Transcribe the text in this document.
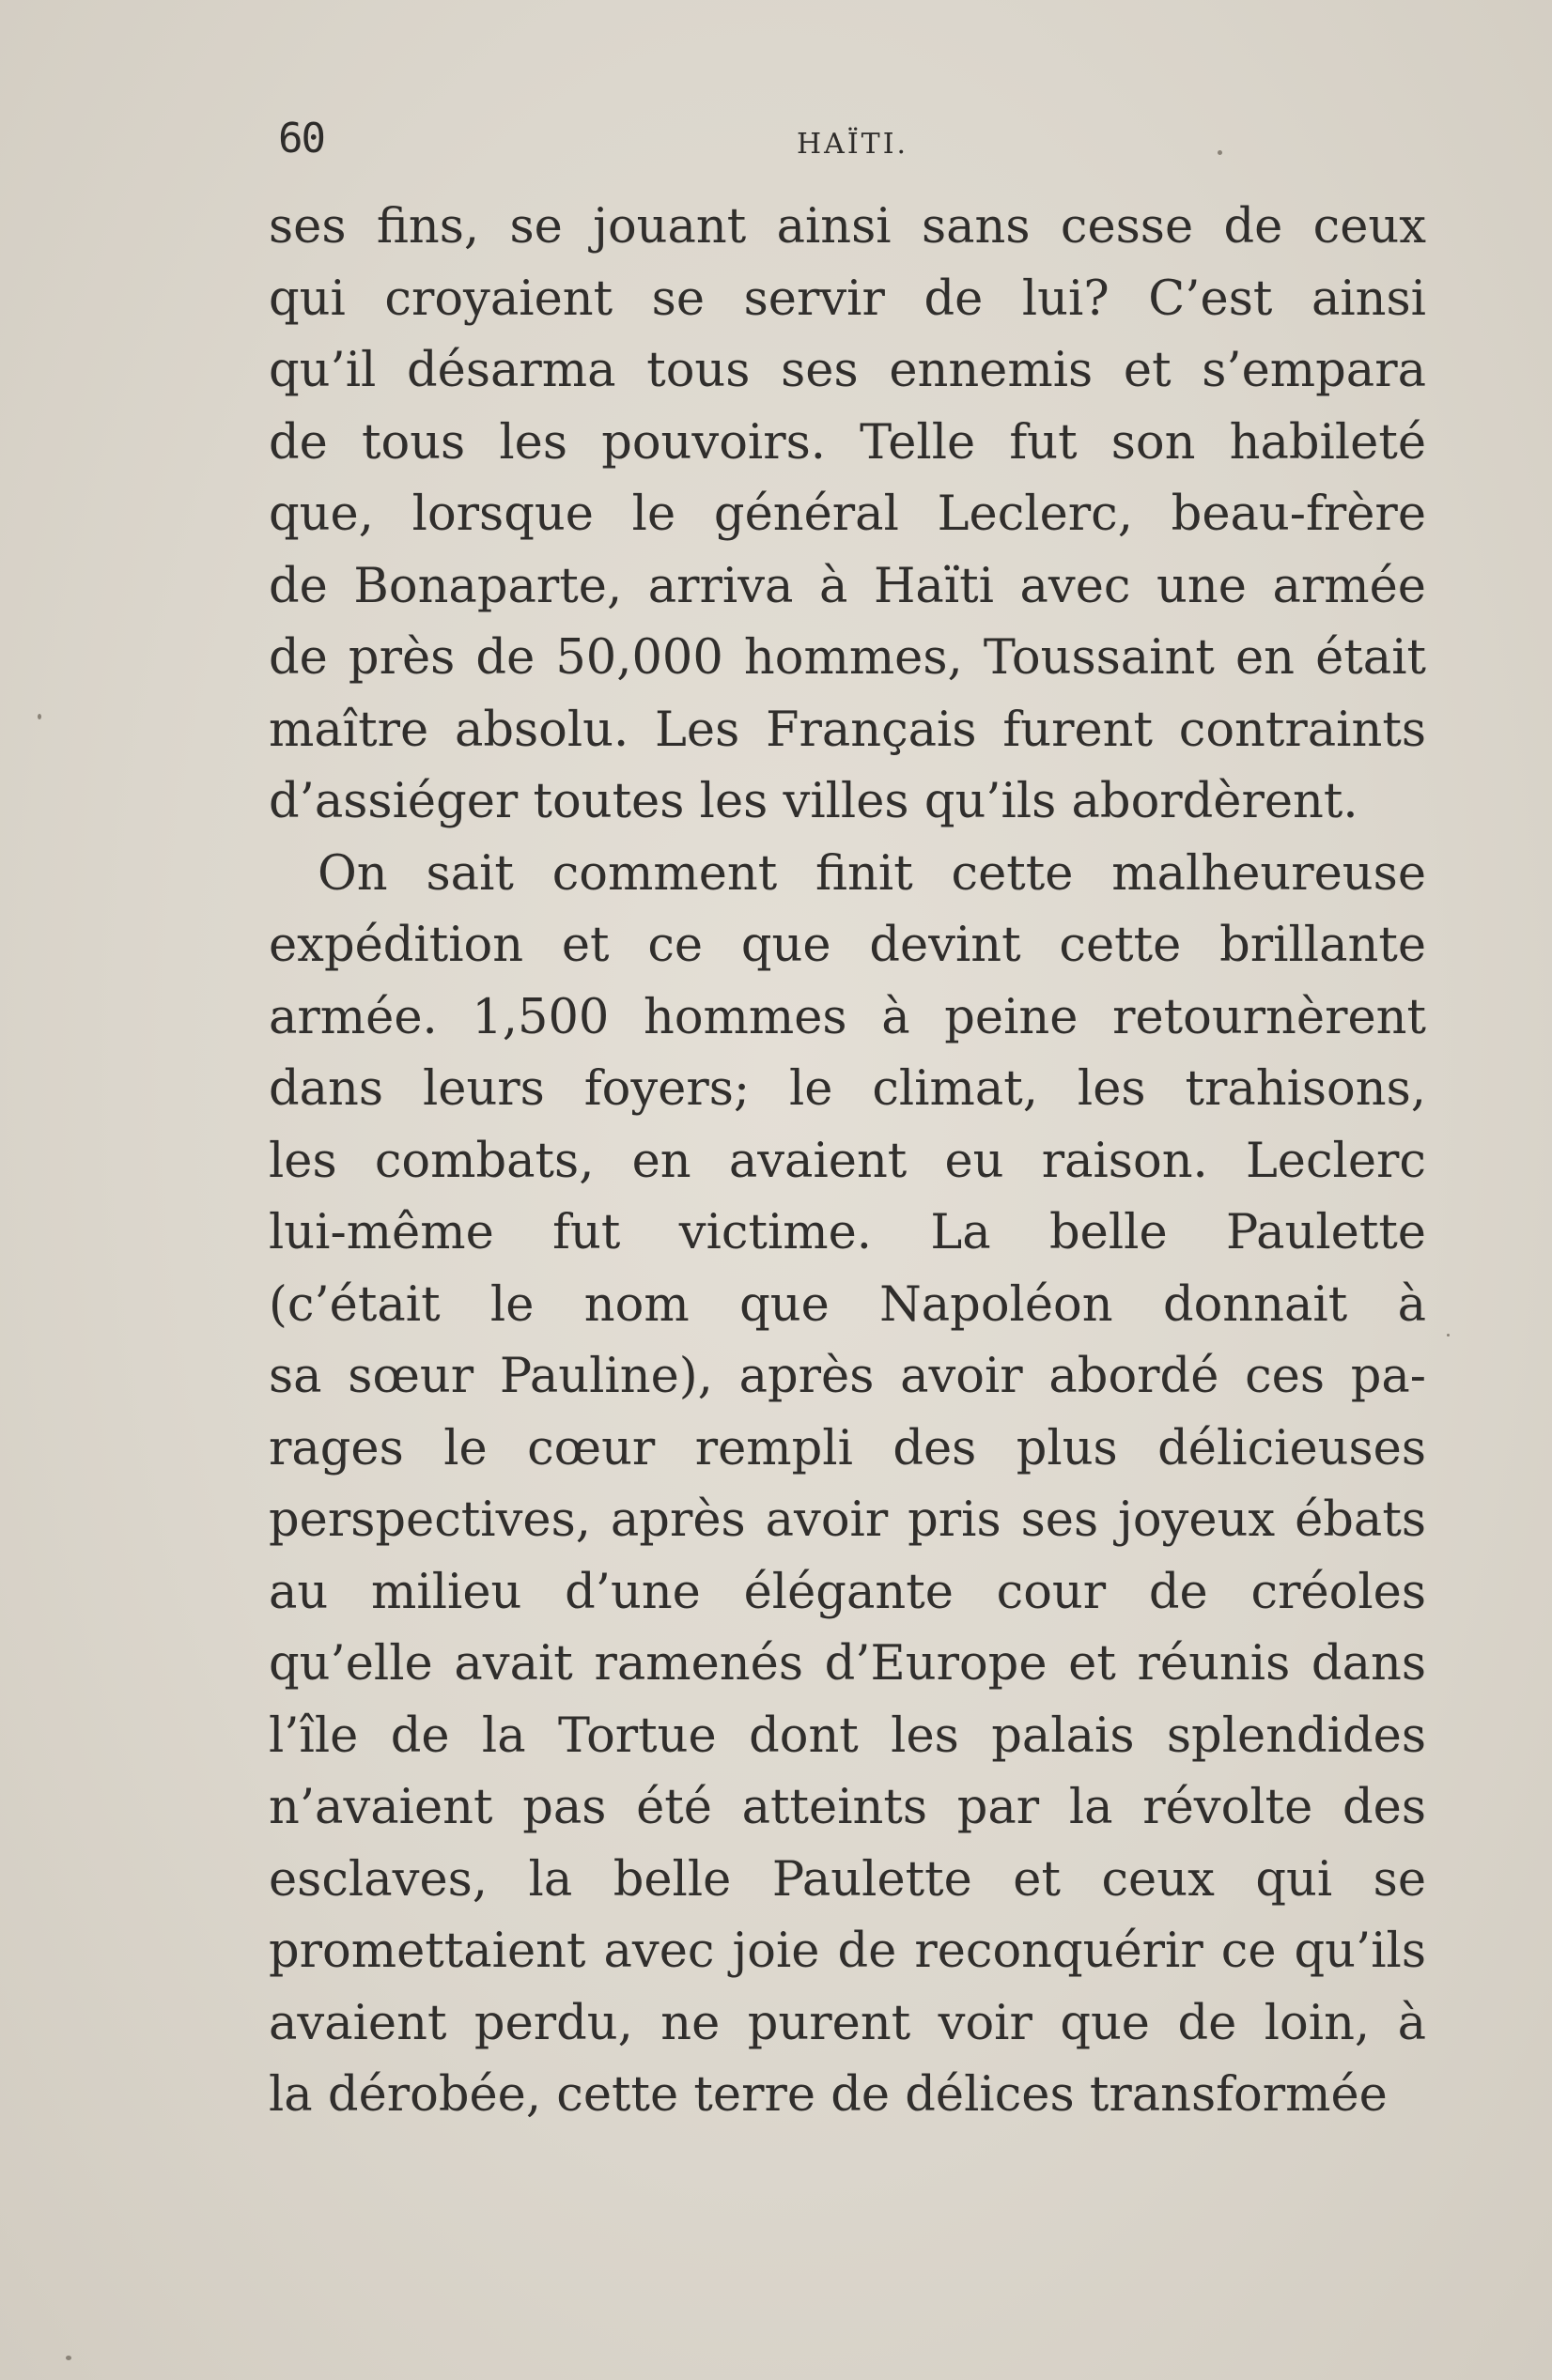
60	HAÏTI.
ses fins, se jouant ainsi sans cesse de ceux
qui croyaient se servir de lui? C’est ainsi
qu’il désarma tous ses ennemis et s’empara
de tous les pouvoirs. Telle fut son habileté
que, lorsque le général Leclerc, beau-frère
de Bonaparte, arriva à Haïti avec une armée
de près de 50,000 hommes, Toussaint en était
maître absolu. Les Français furent contraints
d’assiéger toutes les villes qu’ils abordèrent.
On sait comment finit cette malheureuse
expédition et ce que devint cette brillante
armée. 1,500 hommes à peine retournèrent
dans leurs foyers; le climat, les trahisons,
les combats, en avaient eu raison. Leclerc
lui-même fut victime. La belle Paulette
(c’était le nom que Napoléon donnait à
sa sœur Pauline), après avoir abordé ces pa-
rages le cœur rempli des plus délicieuses
perspectives, après avoir pris ses joyeux ébats
au milieu d’une élégante cour de créoles
qu’elle avait ramenés d’Europe et réunis dans
l’île de la Tortue dont les palais splendides
n’avaient pas été atteints par la révolte des
esclaves, la belle Paulette et ceux qui se
promettaient avec joie de reconquérir ce qu’ils
avaient perdu, ne purent voir que de loin, à
la dérobée, cette terre de délices transformée
